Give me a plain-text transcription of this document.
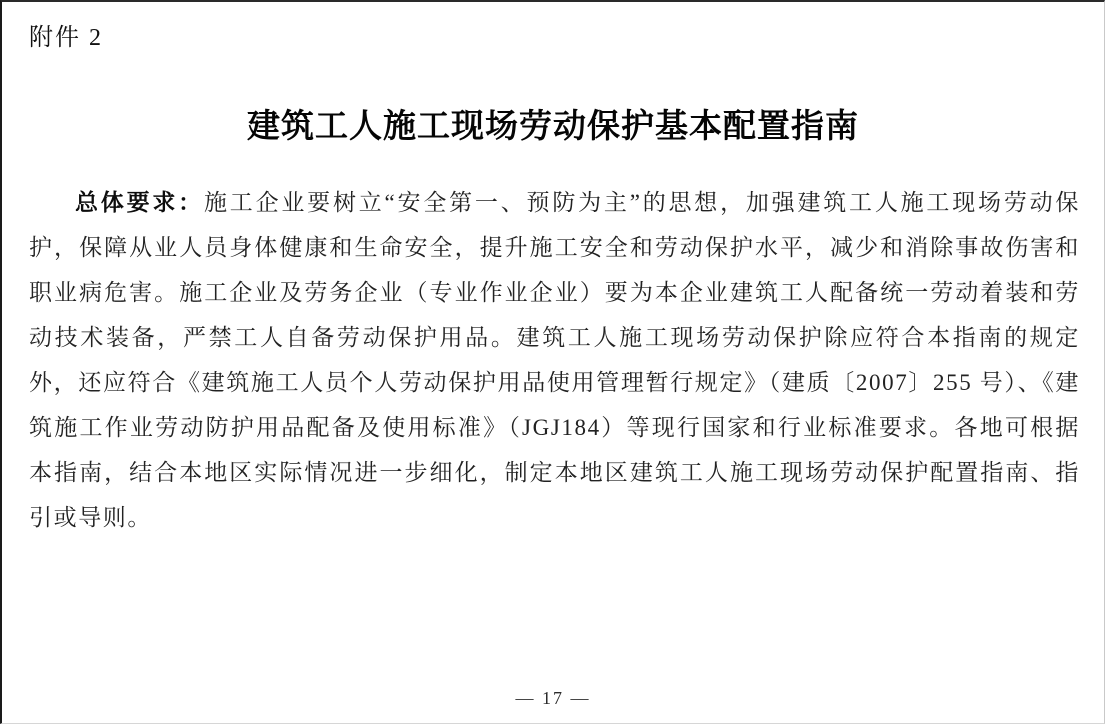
附件 2
建筑工人施工现场劳动保护基本配置指南

总体要求：施工企业要树立“安全第一、预防为主”的思想，加强建筑工人施工现场劳动保护，保障从业人员身体健康和生命安全，提升施工安全和劳动保护水平，减少和消除事故伤害和职业病危害。施工企业及劳务企业（专业作业企业）要为本企业建筑工人配备统一劳动着装和劳动技术装备，严禁工人自备劳动保护用品。建筑工人施工现场劳动保护除应符合本指南的规定外，还应符合《建筑施工人员个人劳动保护用品使用管理暂行规定》（建质〔2007〕255 号）、《建筑施工作业劳动防护用品配备及使用标准》（JGJ184）等现行国家和行业标准要求。各地可根据本指南，结合本地区实际情况进一步细化，制定本地区建筑工人施工现场劳动保护配置指南、指引或导则。

— 17 —
